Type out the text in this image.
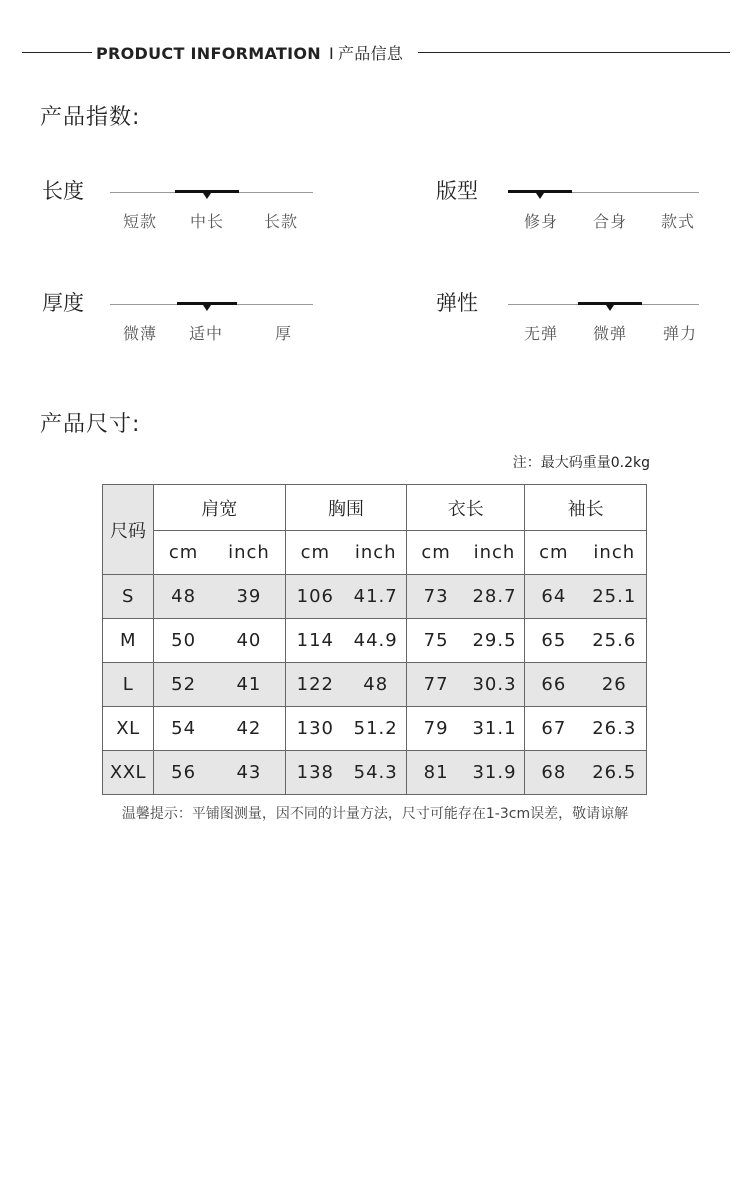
PRODUCT INFORMATION I 产品信息
产品指数:
长度
短款 中长 长款
版型
修身 合身 款式
厚度
微薄 适中	厚
弹性
无弹 微弹 弹力
产品尺寸:
注：最大码重量0.2kg
尺码	肩宽		胸围		衣长		袖长	
	cm	inch	cm	inch	cm	inch	cm	inch
S	48	39	106	41.7	73	28.7	64	25.1
M	50	40	114	44.9	75	29.5	65	25.6
L	52	41	122	48	77	30.3	66	26
XL	54	42	130	51.2	79	31.1	67	26.3
XXL	56	43	138	54.3	81	31.9	68	26.5
温馨提示：平铺图测量，因不同的计量方法，尺寸可能存在1-3cm误差，敬请谅解
